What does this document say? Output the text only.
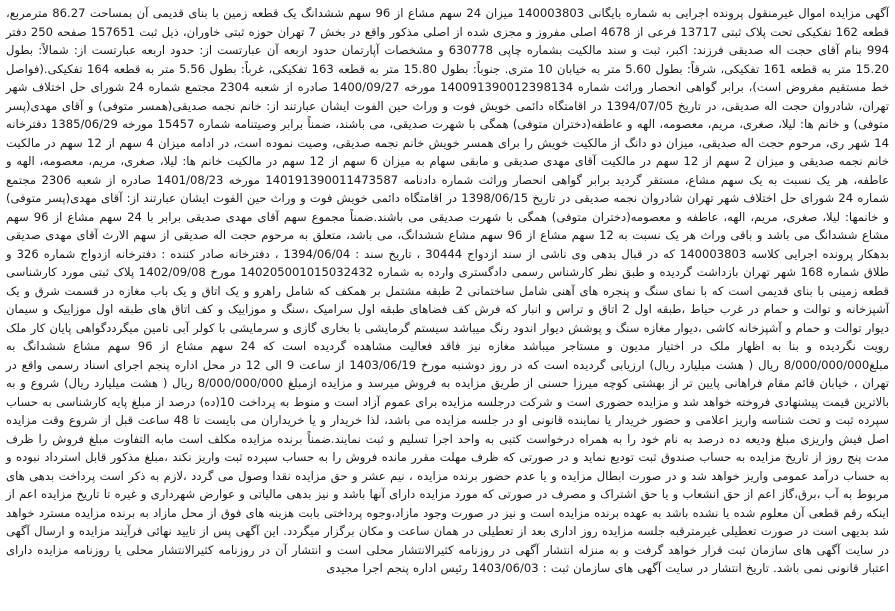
آگهی مزایده اموال غیرمنقول پرونده اجرایی به شماره بایگانی 140003803 میزان 24 سهم مشاع از 96 سهم ششدانگ یک قطعه زمین با بنای قدیمی آن بمساحت 86.27 مترمربع، قطعه 162 تفکیکی تحت پلاک ثبتی 13717 فرعی از 4678 اصلی مفروز و مجزی شده از اصلی مذکور واقع در بخش 7 تهران حوزه ثبتی خاوران، ذیل ثبت 157651 صفحه 250 دفتر 994 بنام آقای حجت اله صدیقی فرزند: اکبر، ثبت و سند مالکیت بشماره چاپی 630778 و مشخصات آپارتمان حدود اربعه آن عبارتست از: حدود اربعه عبارتست از: شمالاً: بطول 15.20 متر به قطعه 161 تفکیکی، شرقاً: بطول 5.60 متر به خیابان 10 متری. جنوباً: بطول 15.80 متر به قطعه 163 تفکیکی، غرباً: بطول 5.56 متر به قطعه 164 تفکیکی.(فواصل خط مستقیم مفروض است)، برابر گواهی انحصار وراثت شماره 140091390012398134 مورخه 1400/09/27 صادره از شعبه 2304 مجتمع شماره 24 شورای حل اختلاف شهر تهران، شادروان حجت اله صدیقی، در تاریخ 1394/07/05 در اقامتگاه دائمی خویش فوت و وراث حین الفوت ایشان عبارتند از: خانم نجمه صدیقی(همسر متوفی) و آقای مهدی(پسر متوفی) و خانم ها: لیلا، صغری، مریم، معصومه، الهه و عاطفه(دختران متوفی) همگی با شهرت صدیقی، می باشند، ضمناً برابر وصیتنامه شماره 15457 مورخه 1385/06/29 دفترخانه 14 شهر ری، مرحوم حجت اله صدیقی، میزان دو دانگ از مالکیت خویش را برای همسر خویش خانم نجمه صدیقی، وصیت نموده است، در ادامه میزان 4 سهم از 12 سهم در مالکیت خانم نجمه صدیقی و میزان 2 سهم از 12 سهم در مالکیت آقای مهدی صدیقی و مابقی سهام به میزان 6 سهم از 12 سهم در مالکیت خانم ها: لیلا، صغری، مریم، معصومه، الهه و عاطفه، هر یک نسبت به یک سهم مشاع، مستقر گردید برابر گواهی انحصار وراثت شماره دادنامه 140191390011473587 مورخه 1401/08/23 صادره از شعبه 2306 مجتمع شماره 24 شورای حل اختلاف شهر تهران شادروان نجمه صدیقی در تاریخ 1398/06/15 در اقامتگاه دائمی خویش فوت و وراث حین الفوت ایشان عبارتند از: آقای مهدی(پسر متوفی) و خانمها: لیلا، صغری، مریم، الهه، عاطفه و معصومه(دختران متوفی) همگی با شهرت صدیقی می باشند.ضمناً مجموع سهم آقای مهدی صدیقی برابر با 24 سهم مشاع از 96 سهم مشاع ششدانگ می باشد و باقی وراث هر یک نسبت به 12 سهم مشاع از 96 سهم مشاع ششدانگ، می باشد، متعلق به مرحوم حجت اله صدیقی از سهم الارث آقای مهدی صدیقی بدهکار پرونده اجرایی کلاسه 140003803 که در قبال بدهی وی ناشی از سند ازدواج 30444 ، تاریخ سند : 1394/06/04 ، دفترخانه صادر کننده : دفترخانه ازدواج شماره 326 و طلاق شماره 168 شهر تهران بازداشت گردیده و طبق نظر کارشناس رسمی دادگستری وارده به شماره 140205001015032432 مورخ 1402/09/08 پلاک ثبتی مورد کارشناسی قطعه زمینی با بنای قدیمی است که با نمای سنگ و پنجره های آهنی شامل ساختمانی 2 طبقه مشتمل بر همکف که شامل راهرو و یک اتاق و یک باب مغازه در قسمت شرق و یک آشپزخانه و توالت و حمام در غرب حیاط ،طبقه اول 2 اتاق و تراس و انبار که فرش کف فضاهای طبقه اول سرامیک ،سنگ و موزاییک و کف اتاق های طبقه اول موزاییک و سیمان دیوار توالت و حمام و آشپزخانه کاشی ،دیوار مغازه سنگ و پوشش دیوار اندود رنگ میباشد سیستم گرمایشی با بخاری گازی و سرمایشی با کولر آبی تامین میگرددگواهی پایان کار ملک رویت نگردیده و بنا به اظهار ملک در اختیار مدیون و مستاجر میباشد مغازه نیز فاقد فعالیت مشاهده گردیده است که 24 سهم مشاع از 96 سهم مشاع ششدانگ به مبلغ8/000/000/000 ریال ( هشت میلیارد ریال) ارزیابی گردیده است که در روز دوشنبه مورخ 1403/06/19 از ساعت 9 الی 12 در محل اداره پنجم اجرای اسناد رسمی واقع در تهران ، خیابان قائم مقام فراهانی پایین تر از بهشتی کوچه میرزا حسنی از طریق مزایده به فروش میرسد و مزایده ازمبلغ 8/000/000/000 ریال ( هشت میلیارد ریال) شروع و به بالاترین قیمت پیشنهادی فروخته خواهد شد و مزایده حضوری است و شرکت درجلسه مزایده برای عموم آزاد است و منوط به پرداخت 10(ده) درصد از مبلغ پایه کارشناسی به حساب سپرده ثبت و تحت شناسه واریز اعلامی و حضور خریدار یا نماینده قانونی او در جلسه مزایده می باشد، لذا خریدار و یا خریداران می بایست تا 48 ساعت قبل از شروع وقت مزایده اصل فیش واریزی مبلغ ودیعه ده درصد به نام خود را به همراه درخواست کتبی به واحد اجرا تسلیم و ثبت نمایند.ضمناً برنده مزایده مکلف است مابه التفاوت مبلغ فروش را ظرف مدت پنج روز از تاریخ مزایده به حساب صندوق ثبت تودیع نماید و در صورتی که ظرف مهلت مقرر مانده فروش را به حساب سپرده ثبت واریز نکند ،مبلغ مذکور قابل استرداد نبوده و به حساب درآمد عمومی واریز خواهد شد و در صورت ابطال مزایده و یا عدم حضور برنده مزایده ، نیم عشر و حق مزایده نقدا وصول می گردد ،لازم به ذکر است پرداخت بدهی های مربوط به آب ،برق،گاز اعم از حق انشعاب و یا حق اشتراک و مصرف در صورتی که مورد مزایده دارای آنها باشد و نیز بدهی مالیاتی و عوارض شهرداری و غیره تا تاریخ مزایده اعم از اینکه رقم قطعی آن معلوم شده یا نشده باشد به عهده برنده مزایده است و نیز در صورت وجود مازاد،وجوه پرداختی بابت هزینه های فوق از محل مازاد به برنده مزایده مسترد خواهد شد بدیهی است در صورت تعطیلی غیرمترقبه جلسه مزایده روز اداری بعد از تعطیلی در همان ساعت و مکان برگزار میگردد. این آگهی پس از تایید نهائی فرآیند مزایده و ارسال آگهی در سایت آگهی های سازمان ثبت قرار خواهد گرفت و به منزله انتشار آگهی در روزنامه کثیرالانتشار محلی است و انتشار آن در روزنامه کثیرالانتشار محلی یا روزنامه مزایده دارای اعتبار قانونی نمی باشد. تاریخ انتشار در سایت آگهی های سازمان ثبت : 1403/06/03 رئیس اداره پنجم اجرا مجیدی
